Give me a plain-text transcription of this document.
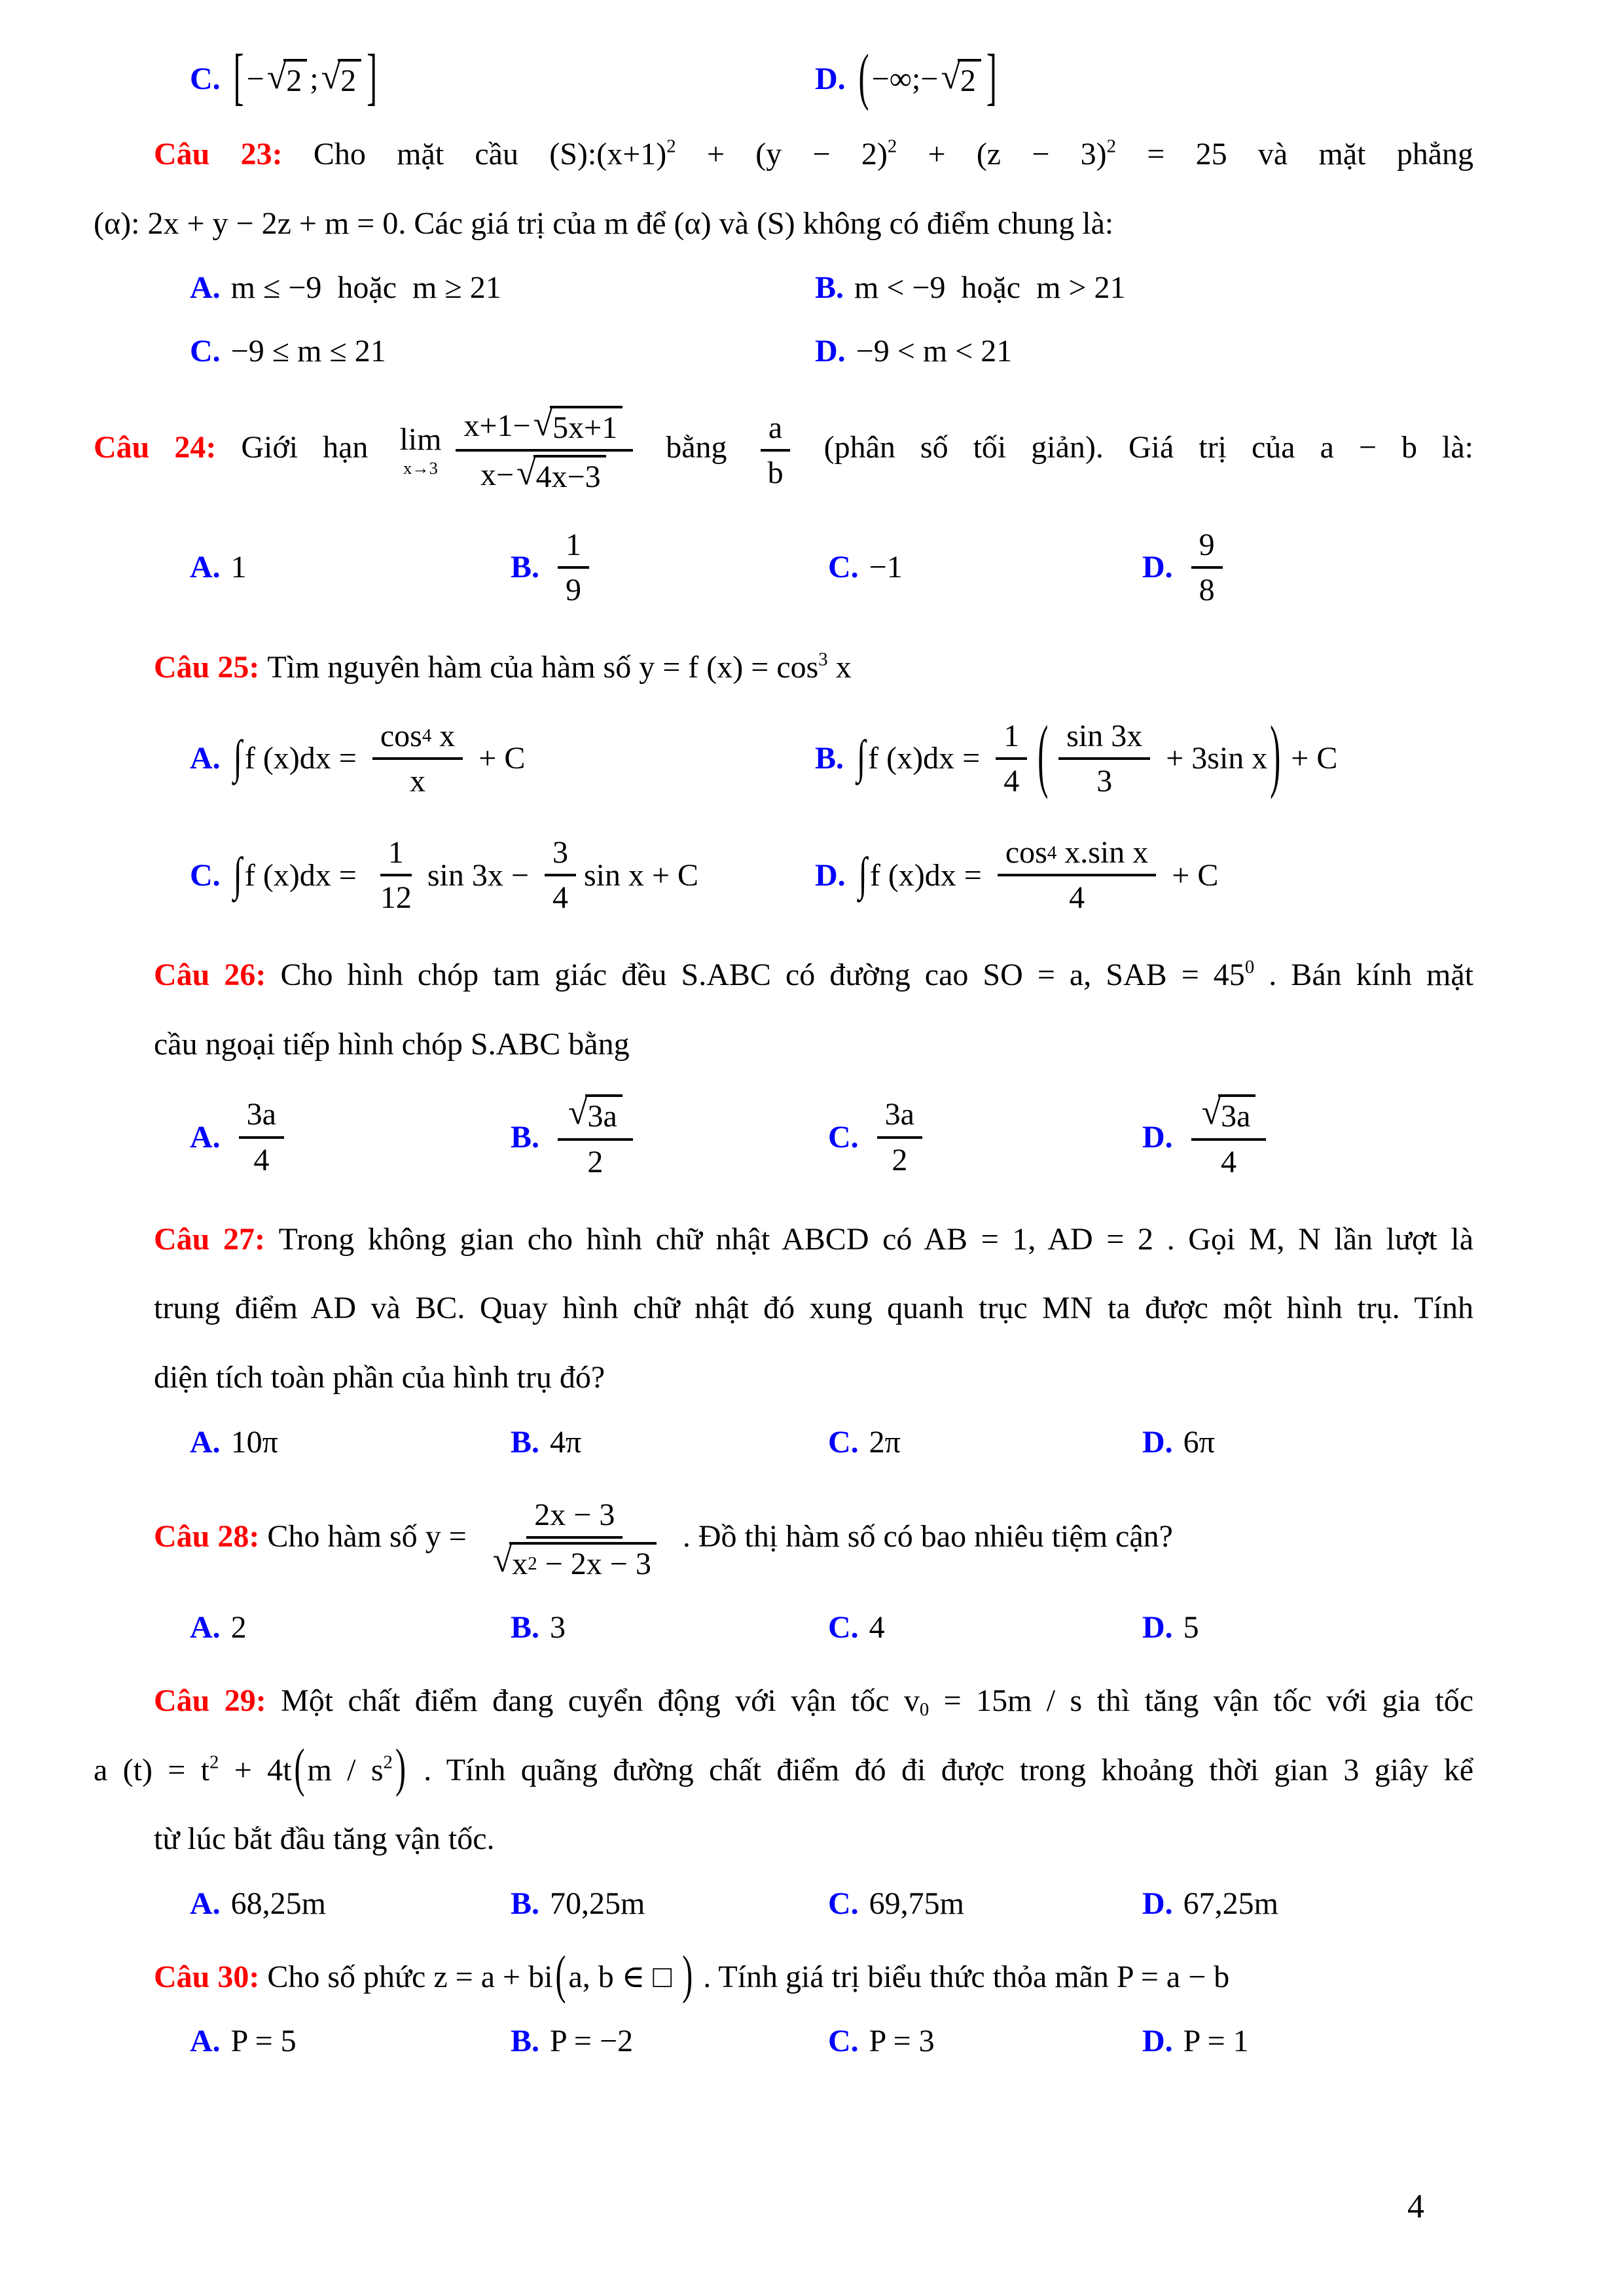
C. [ − √ 2 ; √ 2 ]	D. ( −∞;− √ 2 ]

Câu 23: Cho mặt cầu $(S):(x+1)^2 + (y - 2)^2 + (z - 3)^2 = 25$ và mặt phẳng

(α): 2x + y − 2z + m = 0. Các giá trị của m để (α) và (S) không có điểm chung là:

A. m ≤ −9  hoặc  m ≥ 21	B. m < −9  hoặc  m > 21
C. −9 ≤ m ≤ 21	D. −9 < m < 21

Câu 24: Giới hạn lim
$x\to 3 \frac{x+1- √ 5x+1}{x- √ 4x-3}$ bằng $\frac{a}{b}$ (phân số tối giản). Giá trị của a − b là:

A. 1	B. $\frac{1}{9}$	C. −1	D. $\frac{9}{8}$

Câu 25: Tìm nguyên hàm của hàm số y = f $(x) = \cos^3 x$

A. ∫ f $(x)dx = \frac{\cos 4 x}{x} + C$	B. ∫ f $(x)dx = \frac{1}{4}$ ( $\frac{\sin 3x}{3} + 3\sin$ x ) + C
C. ∫ f $(x)dx = \frac{1}{12}$ $\sin 3x - \frac{3}{4}$ sin x + C	D. ∫ f $(x)dx = \frac{\text{cos 4 x.sin x}}{4} + C$

Câu 26: Cho hình chóp tam giác đều S.ABC có đường cao SO = a, SAB = $45^0$ . Bán kính mặt

cầu ngoại tiếp hình chóp S.ABC bằng

A. $\frac{3a}{4}$	B. $\frac{√ 3a}{2}$	C. $\frac{3a}{2}$	D. $\frac{√ 3a}{4}$

Câu 27: Trong không gian cho hình chữ nhật ABCD có AB = 1, AD = 2 . Gọi M, N lần lượt là

trung điểm AD và BC. Quay hình chữ nhật đó xung quanh trục MN ta được một hình trụ. Tính

diện tích toàn phần của hình trụ đó?

A. 10π	B. 4π	C. 2π	D. 6π

Câu 28: Cho hàm số $y = \frac{2x - 3}{√ x 2 - 2x - 3}$ . Đồ thị hàm số có bao nhiêu tiệm cận?

A. 2	B. 3	C. 4	D. 5

Câu 29: Một chất điểm đang cuyển động với vận tốc $v_0 = 15m / s$ thì tăng vận tốc với gia tốc

a $(t) = t^2 + 4t(m / s^2)$ . Tính quãng đường chất điểm đó đi được trong khoảng thời gian 3 giây kể

từ lúc bắt đầu tăng vận tốc.

A. 68,25m	B. 70,25m	C. 69,75m	D. 67,25m

Câu 30: Cho số phức z = a + bi(a, b ∈ □ ) . Tính giá trị biểu thức thỏa mãn P = a − b

A. P = 5	B. P = −2	C. P = 3	D. P = 1
4
